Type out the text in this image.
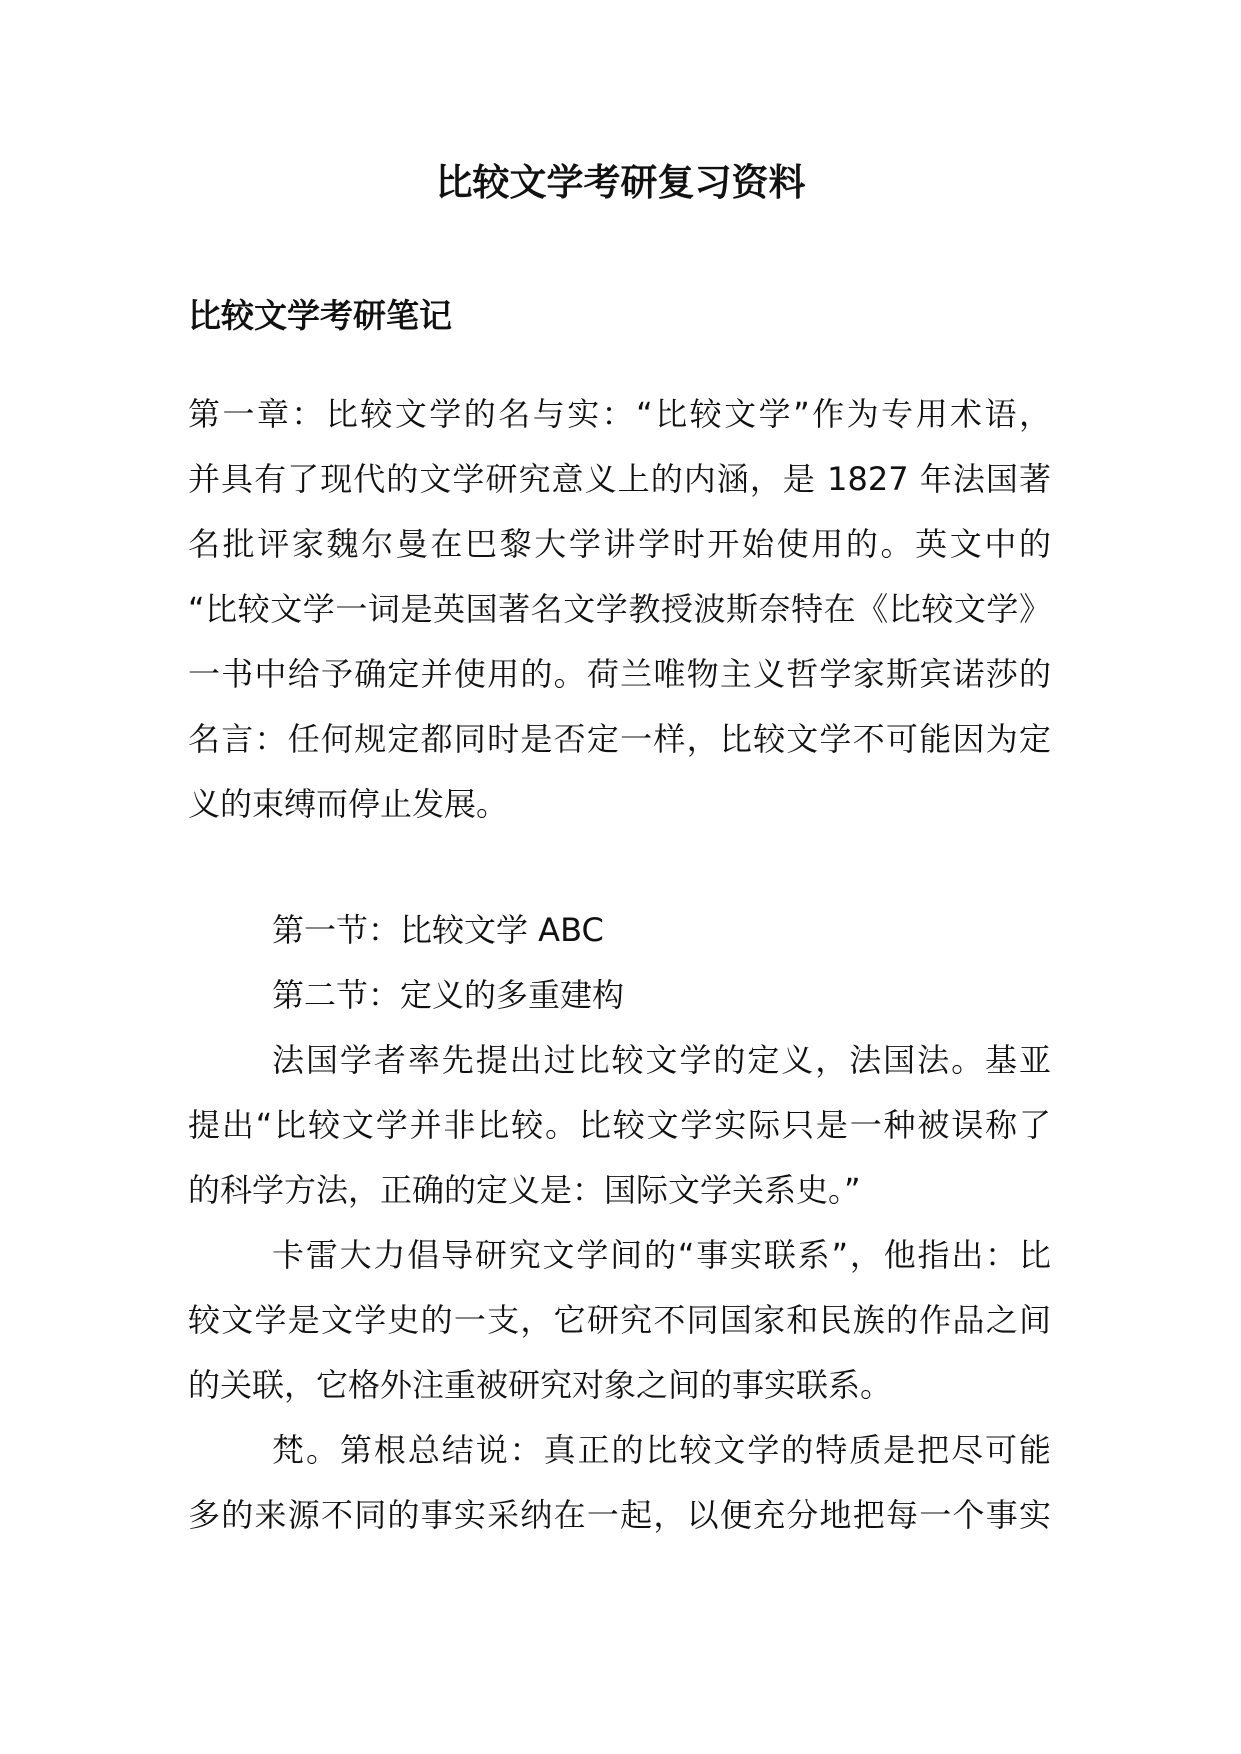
比较文学考研复习资料
比较文学考研笔记
第一章：比较文学的名与实：“比较文学”作为专用术语，
并具有了现代的文学研究意义上的内涵，是 1827 年法国著
名批评家魏尔曼在巴黎大学讲学时开始使用的。英文中的
“比较文学一词是英国著名文学教授波斯奈特在《比较文学》
一书中给予确定并使用的。荷兰唯物主义哲学家斯宾诺莎的
名言：任何规定都同时是否定一样，比较文学不可能因为定
义的束缚而停止发展。
第一节：比较文学 ABC
第二节：定义的多重建构
法国学者率先提出过比较文学的定义，法国法。基亚
提出“比较文学并非比较。比较文学实际只是一种被误称了
的科学方法，正确的定义是：国际文学关系史。”
卡雷大力倡导研究文学间的“事实联系”，他指出：比
较文学是文学史的一支，它研究不同国家和民族的作品之间
的关联，它格外注重被研究对象之间的事实联系。
梵。第根总结说：真正的比较文学的特质是把尽可能
多的来源不同的事实采纳在一起，以便充分地把每一个事实
